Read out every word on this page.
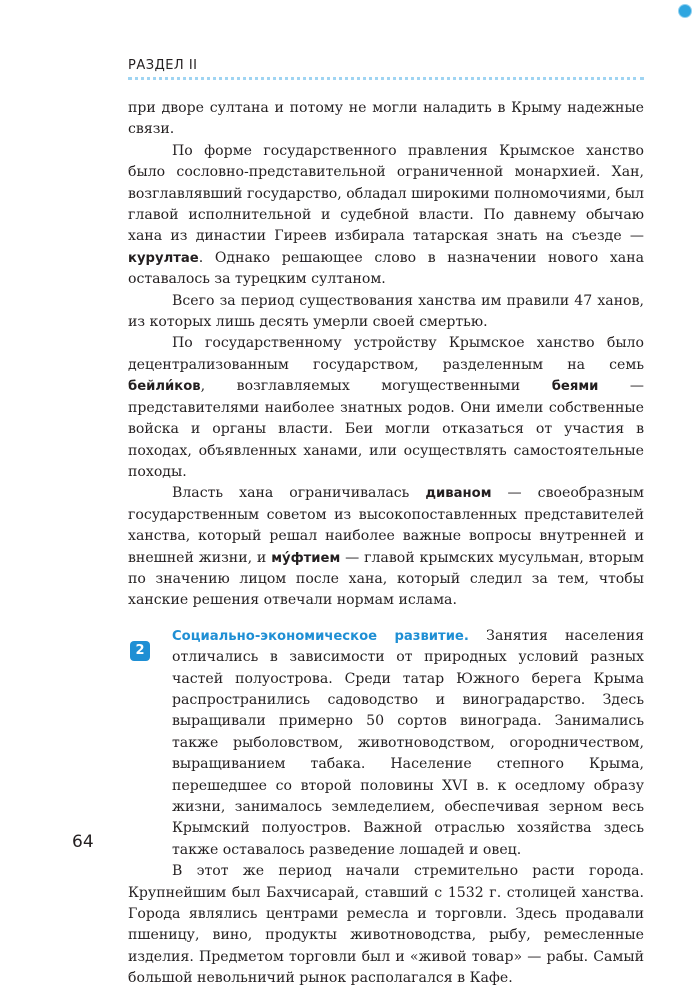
РАЗДЕЛ II

при дворе султана и потому не могли наладить в Крыму надежные связи.

По форме государственного правления Крымское ханство было сословно-представительной ограниченной монархией. Хан, возглавлявший государство, обладал широкими полномочиями, был главой исполнительной и судебной власти. По давнему обычаю хана из династии Гиреев избирала татарская знать на съезде — курултае. Однако решающее слово в назначении нового хана оставалось за турецким султаном.

Всего за период существования ханства им правили 47 ханов, из которых лишь десять умерли своей смертью.

По государственному устройству Крымское ханство было децентрализованным государством, разделенным на семь бейли́ков, возглавляемых могущественными беями — представителями наиболее знатных родов. Они имели собственные войска и органы власти. Беи могли отказаться от участия в походах, объявленных ханами, или осуществлять самостоятельные походы.

Власть хана ограничивалась диваном — своеобразным государственным советом из высокопоставленных представителей ханства, который решал наиболее важные вопросы внутренней и внешней жизни, и му́фтием — главой крымских мусульман, вторым по значению лицом после хана, который следил за тем, чтобы ханские решения отвечали нормам ислама.

2
Социально-экономическое развитие. Занятия населения отличались в зависимости от природных условий разных частей полуострова. Среди татар Южного берега Крыма распространились садоводство и виноградарство. Здесь выращивали примерно 50 сортов винограда. Занимались также рыболовством, животноводством, огородничеством, выращиванием табака. Население степного Крыма, перешедшее со второй половины XVI в. к оседлому образу жизни, занималось земледелием, обеспечивая зерном весь Крымский полуостров. Важной отраслью хозяйства здесь также оставалось разведение лошадей и овец.

В этот же период начали стремительно расти города. Крупнейшим был Бахчисарай, ставший с 1532 г. столицей ханства. Города являлись центрами ремесла и торговли. Здесь продавали пшеницу, вино, продукты животноводства, рыбу, ремесленные изделия. Предметом торговли был и «живой товар» — рабы. Самый большой невольничий рынок располагался в Кафе.

64
